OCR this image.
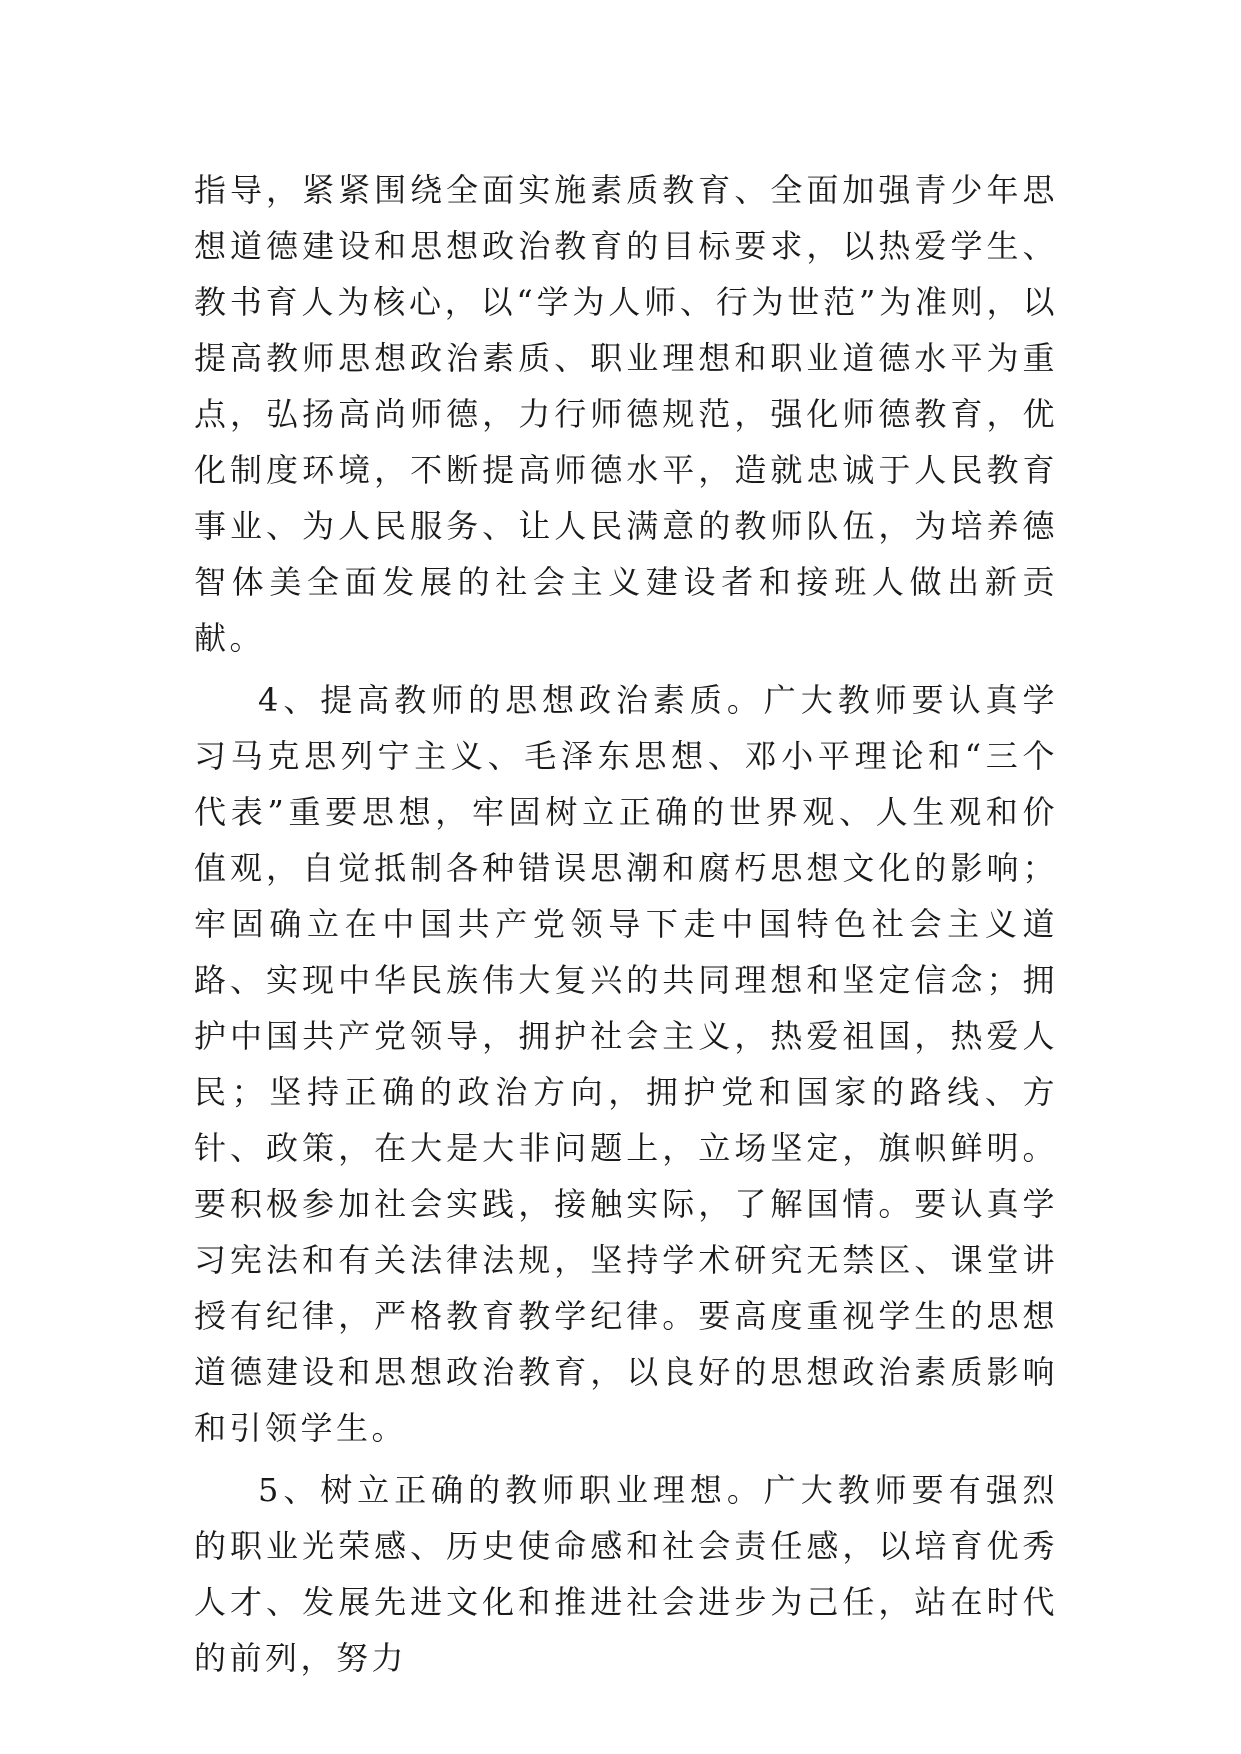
指导，紧紧围绕全面实施素质教育、全面加强青少年思想道德建设和思想政治教育的目标要求，以热爱学生、教书育人为核心，以“学为人师、行为世范”为准则，以提高教师思想政治素质、职业理想和职业道德水平为重点，弘扬高尚师德，力行师德规范，强化师德教育，优化制度环境，不断提高师德水平，造就忠诚于人民教育事业、为人民服务、让人民满意的教师队伍，为培养德智体美全面发展的社会主义建设者和接班人做出新贡献。

4、提高教师的思想政治素质。广大教师要认真学习马克思列宁主义、毛泽东思想、邓小平理论和“三个代表”重要思想，牢固树立正确的世界观、人生观和价值观，自觉抵制各种错误思潮和腐朽思想文化的影响；牢固确立在中国共产党领导下走中国特色社会主义道路、实现中华民族伟大复兴的共同理想和坚定信念；拥护中国共产党领导，拥护社会主义，热爱祖国，热爱人民；坚持正确的政治方向，拥护党和国家的路线、方针、政策，在大是大非问题上，立场坚定，旗帜鲜明。要积极参加社会实践，接触实际，了解国情。要认真学习宪法和有关法律法规，坚持学术研究无禁区、课堂讲授有纪律，严格教育教学纪律。要高度重视学生的思想道德建设和思想政治教育，以良好的思想政治素质影响和引领学生。

5、树立正确的教师职业理想。广大教师要有强烈的职业光荣感、历史使命感和社会责任感，以培育优秀人才、发展先进文化和推进社会进步为己任，站在时代的前列，努力
